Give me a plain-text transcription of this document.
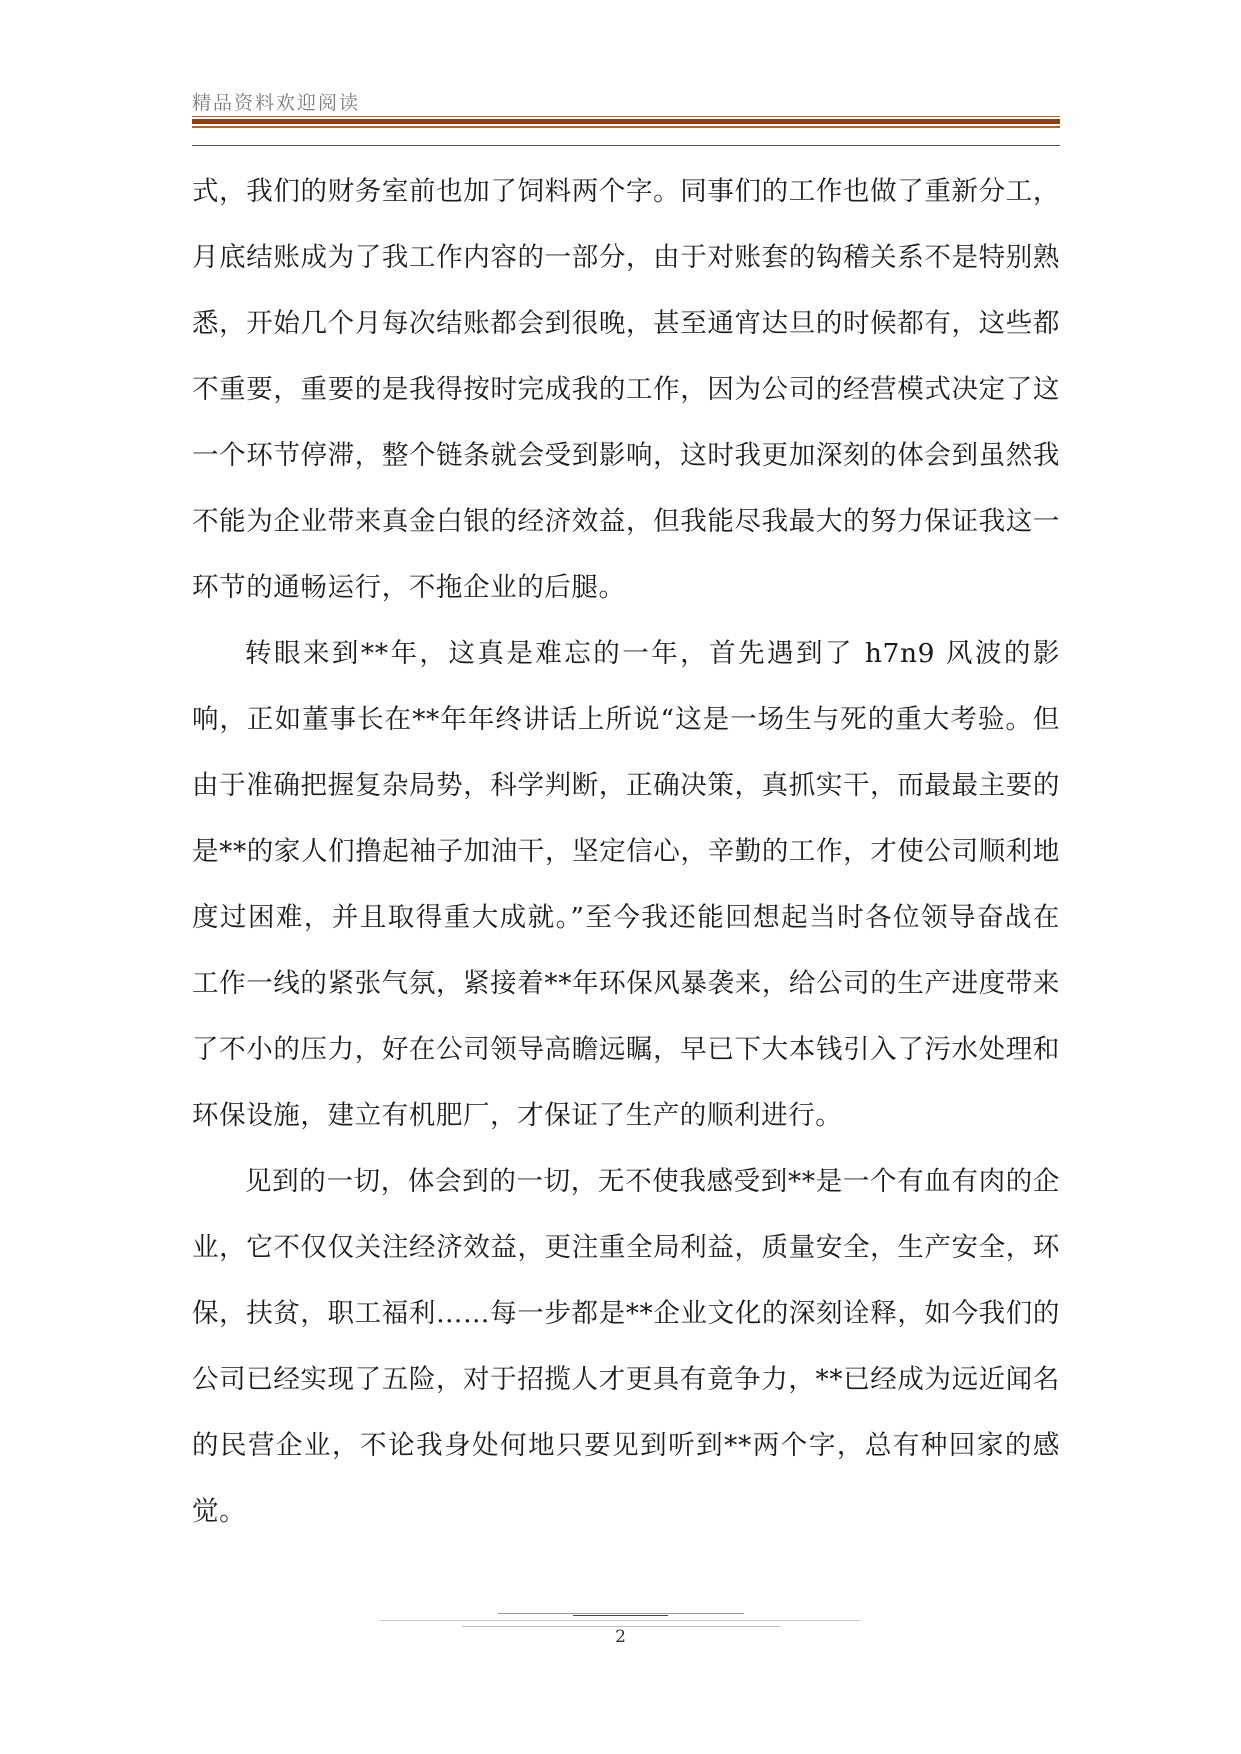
精品资料欢迎阅读

式，我们的财务室前也加了饲料两个字。同事们的工作也做了重新分工，月底结账成为了我工作内容的一部分，由于对账套的钩稽关系不是特别熟悉，开始几个月每次结账都会到很晚，甚至通宵达旦的时候都有，这些都不重要，重要的是我得按时完成我的工作，因为公司的经营模式决定了这一个环节停滞，整个链条就会受到影响，这时我更加深刻的体会到虽然我不能为企业带来真金白银的经济效益，但我能尽我最大的努力保证我这一环节的通畅运行，不拖企业的后腿。

转眼来到**年，这真是难忘的一年，首先遇到了 h7n9 风波的影响，正如董事长在**年年终讲话上所说“这是一场生与死的重大考验。但由于准确把握复杂局势，科学判断，正确决策，真抓实干，而最最主要的是**的家人们撸起袖子加油干，坚定信心，辛勤的工作，才使公司顺利地度过困难，并且取得重大成就。”至今我还能回想起当时各位领导奋战在工作一线的紧张气氛，紧接着**年环保风暴袭来，给公司的生产进度带来了不小的压力，好在公司领导高瞻远瞩，早已下大本钱引入了污水处理和环保设施，建立有机肥厂，才保证了生产的顺利进行。

见到的一切，体会到的一切，无不使我感受到**是一个有血有肉的企业，它不仅仅关注经济效益，更注重全局利益，质量安全，生产安全，环保，扶贫，职工福利……每一步都是**企业文化的深刻诠释，如今我们的公司已经实现了五险，对于招揽人才更具有竟争力，**已经成为远近闻名的民营企业，不论我身处何地只要见到听到**两个字，总有种回家的感觉。

2
